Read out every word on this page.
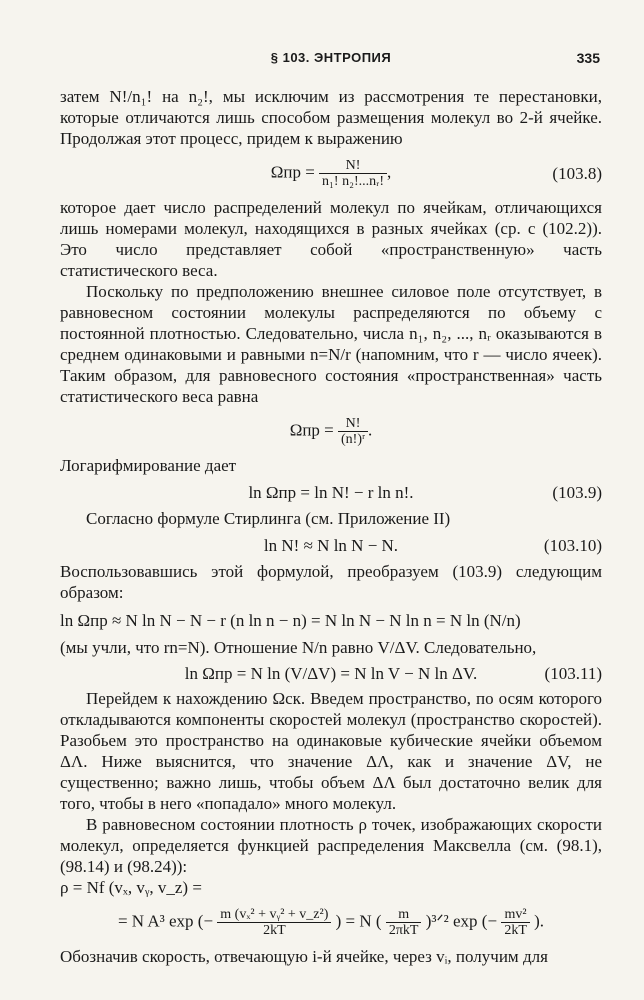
§ 103. ЭНТРОПИЯ	335

затем N!/n₁! на n₂!, мы исключим из рассмотрения те перестановки, которые отличаются лишь способом размещения молекул во 2-й ячейке. Продолжая этот процесс, придем к выражению

$\Omega пр = \frac{N!}{\text{n₁! n₂!...nᵣ!}}$ ,	(103.8)

которое дает число распределений молекул по ячейкам, отличающихся лишь номерами молекул, находящихся в разных ячейках (ср. с (102.2)). Это число представляет собой «пространственную» часть статистического веса.

Поскольку по предположению внешнее силовое поле отсутствует, в равновесном состоянии молекулы распределяются по объему с постоянной плотностью. Следовательно, числа n₁, n₂, ..., nᵣ оказываются в среднем одинаковыми и равными n=N/r (напомним, что r — число ячеек). Таким образом, для равновесного состояния «пространственная» часть статистического веса равна

$\Omega пр = \frac{N!}{\text{(n!)ʳ}}$ .

Логарифмирование дает

ln Ωпр = ln N! − r ln n!.	(103.9)

Согласно формуле Стирлинга (см. Приложение II)

ln N! ≈ N ln N − N.	(103.10)

Воспользовавшись этой формулой, преобразуем (103.9) следующим образом:

ln Ωпр ≈ N ln N − N − r (n ln n − n) = N ln N − N ln n = N ln (N/n)

(мы учли, что rn=N). Отношение N/n равно V/ΔV. Следовательно,

ln Ωпр = N ln (V/ΔV) = N ln V − N ln ΔV.	(103.11)

Перейдем к нахождению Ωск. Введем пространство, по осям которого откладываются компоненты скоростей молекул (пространство скоростей). Разобьем это пространство на одинаковые кубические ячейки объемом ΔΛ. Ниже выяснится, что значение ΔΛ, как и значение ΔV, не существенно; важно лишь, чтобы объем ΔΛ был достаточно велик для того, чтобы в него «попадало» много молекул.

В равновесном состоянии плотность ρ точек, изображающих скорости молекул, определяется функцией распределения Максвелла (см. (98.1), (98.14) и (98.24)):

ρ = Nf (vₓ, vᵧ, v_z) =
= N A³ exp (− $\frac{\text{m (vₓ² + vᵧ² + v\_z²)}}{2kT}$ ) = N ( $\frac{m}{\text{2πkT}}$ )³ᐟ² exp (− $\frac{\text{mv²}}{2kT}$ ).

Обозначив скорость, отвечающую i-й ячейке, через vᵢ, получим для
